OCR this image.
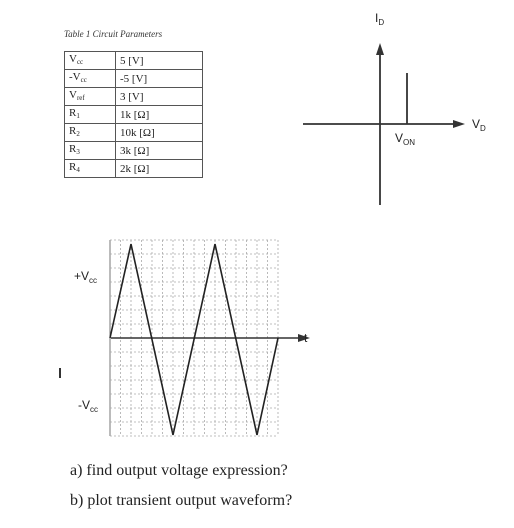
Table 1 Circuit Parameters
$V_{cc}$	5 [V]
$-V_{cc}$	-5 [V]
$V_{ref}$	3 [V]
$R_1$	1k [Ω]
$R_2$	10k [Ω]
$R_3$	3k [Ω]
$R_4$	2k [Ω]
$I_D$
$V_D$
$V_{ON}$
t
$+V_{cc}$
$-V_{cc}$
a) find output voltage expression?
b) plot transient output waveform?
